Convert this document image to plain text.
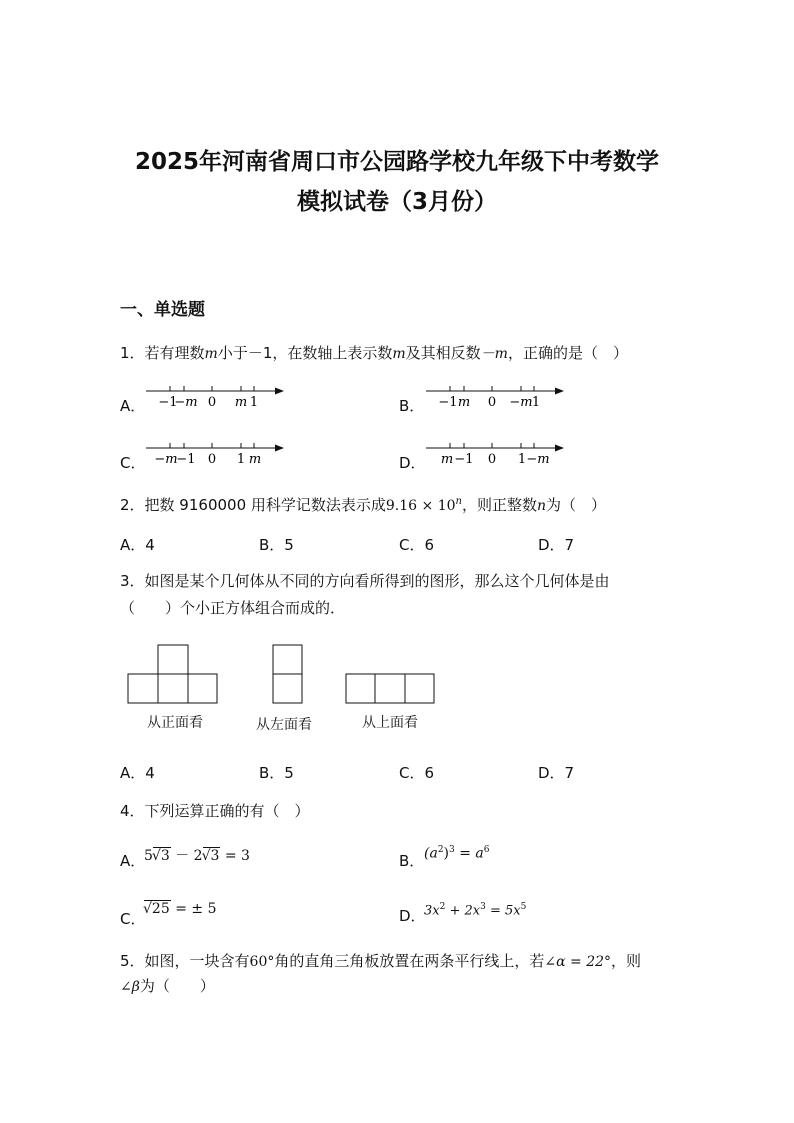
2025年河南省周口市公园路学校九年级下中考数学
模拟试卷（3月份）
一、单选题
1．若有理数m小于－1，在数轴上表示数m及其相反数－m，正确的是（　）
A．	B．
C．	D．
−1
−m 0 m 1	−1 m 0 −m 1
−m
−1 0 1 m	m −1 0 1 −m
2．把数 9160000 用科学记数法表示成$9.16 \times 10^n$，则正整数n为（　）
A．4	B．5	C．6	D．7
3．如图是某个几何体从不同的方向看所得到的图形，那么这个几何体是由
（　　）个小正方体组合而成的．
从正面看	从左面看	从上面看
A．4	B．5	C．6	D．7
4．下列运算正确的有（　）
A．
5√3 － 2√3 = 3	B． $(a^2)^3 = a^6$
C．
√25 = ± 5	D．
$3x^2 + 2x^3 = 5x^5$
5．如图，一块含有60°角的直角三角板放置在两条平行线上，若∠α = 22°，则
∠β为（　　）
